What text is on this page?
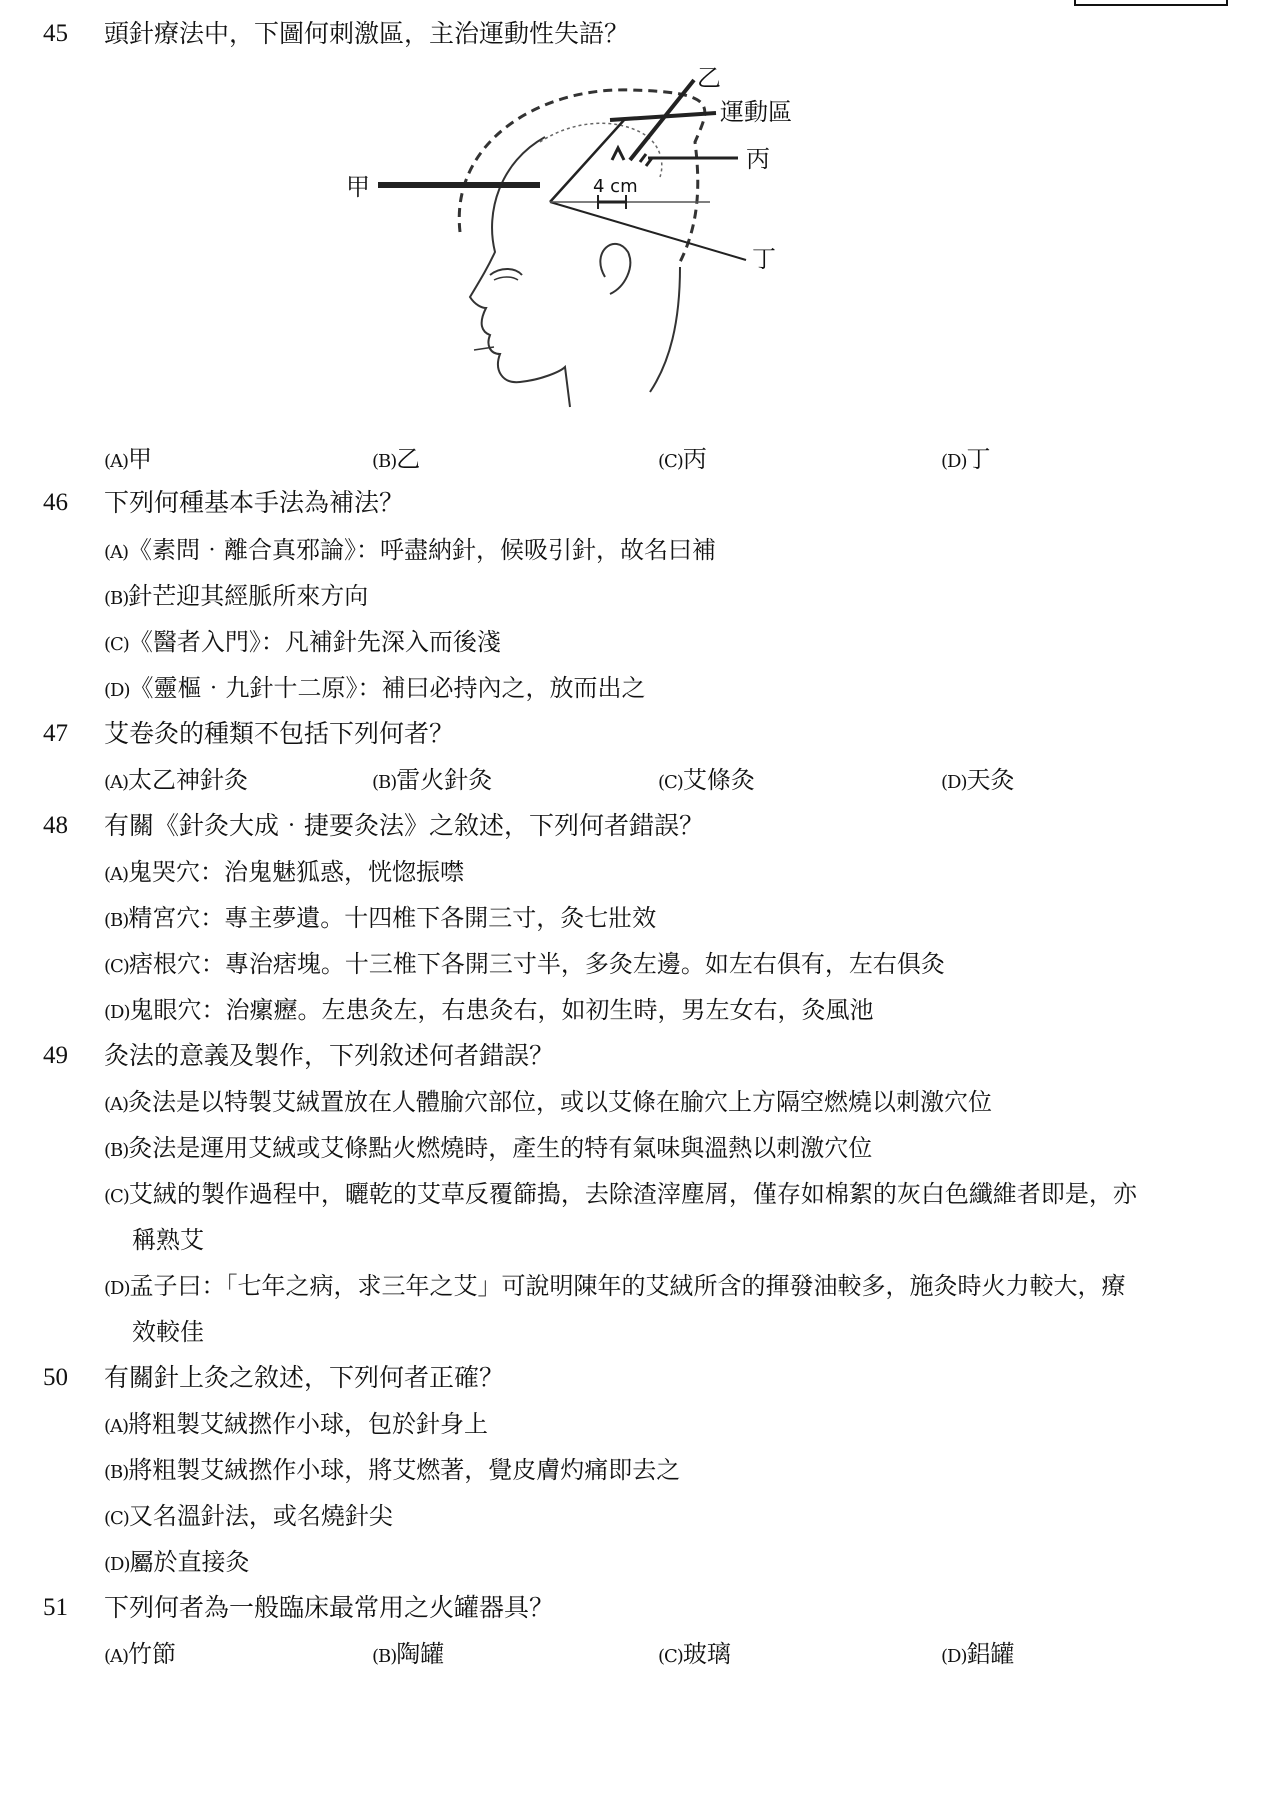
45 頭針療法中，下圖何刺激區，主治運動性失語？
甲
乙
運動區
丙
丁
4 cm
(A)甲	(B)乙	(C)丙	(D)丁
46 下列何種基本手法為補法？
(A)《素問‧離合真邪論》：呼盡納針，候吸引針，故名曰補
(B)針芒迎其經脈所來方向
(C)《醫者入門》：凡補針先深入而後淺
(D)《靈樞‧九針十二原》：補曰必持內之，放而出之
47 艾卷灸的種類不包括下列何者？
(A)太乙神針灸	(B)雷火針灸	(C)艾條灸	(D)天灸
48 有關《針灸大成‧捷要灸法》之敘述，下列何者錯誤？
(A)鬼哭穴：治鬼魅狐惑，恍惚振噤
(B)精宮穴：專主夢遺。十四椎下各開三寸，灸七壯效
(C)痞根穴：專治痞塊。十三椎下各開三寸半，多灸左邊。如左右俱有，左右俱灸
(D)鬼眼穴：治瘰癧。左患灸左，右患灸右，如初生時，男左女右，灸風池
49 灸法的意義及製作，下列敘述何者錯誤？
(A)灸法是以特製艾絨置放在人體腧穴部位，或以艾條在腧穴上方隔空燃燒以刺激穴位
(B)灸法是運用艾絨或艾條點火燃燒時，產生的特有氣味與溫熱以刺激穴位
(C)艾絨的製作過程中，曬乾的艾草反覆篩搗，去除渣滓塵屑，僅存如棉絮的灰白色纖維者即是，亦
稱熟艾
(D)孟子曰：「七年之病，求三年之艾」可說明陳年的艾絨所含的揮發油較多，施灸時火力較大，療
效較佳
50 有關針上灸之敘述，下列何者正確？
(A)將粗製艾絨撚作小球，包於針身上
(B)將粗製艾絨撚作小球，將艾燃著，覺皮膚灼痛即去之
(C)又名溫針法，或名燒針尖
(D)屬於直接灸
51 下列何者為一般臨床最常用之火罐器具？
(A)竹節	(B)陶罐	(C)玻璃	(D)鋁罐
